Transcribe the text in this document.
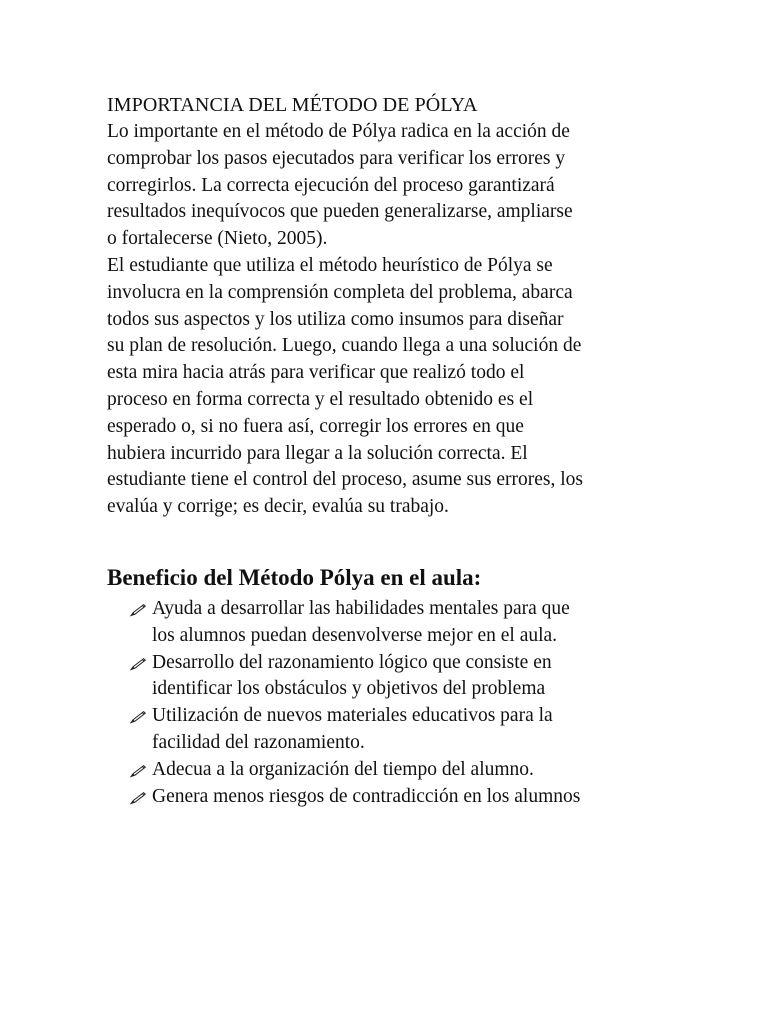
IMPORTANCIA DEL MÉTODO DE PÓLYA

Lo importante en el método de Pólya radica en la acción de
comprobar los pasos ejecutados para verificar los errores y
corregirlos. La correcta ejecución del proceso garantizará
resultados inequívocos que pueden generalizarse, ampliarse
o fortalecerse (Nieto, 2005).

El estudiante que utiliza el método heurístico de Pólya se
involucra en la comprensión completa del problema, abarca
todos sus aspectos y los utiliza como insumos para diseñar
su plan de resolución. Luego, cuando llega a una solución de
esta mira hacia atrás para verificar que realizó todo el
proceso en forma correcta y el resultado obtenido es el
esperado o, si no fuera así, corregir los errores en que
hubiera incurrido para llegar a la solución correcta. El
estudiante tiene el control del proceso, asume sus errores, los
evalúa y corrige; es decir, evalúa su trabajo.

Beneficio del Método Pólya en el aula:
Ayuda a desarrollar las habilidades mentales para que
los alumnos puedan desenvolverse mejor en el aula.
Desarrollo del razonamiento lógico que consiste en
identificar los obstáculos y objetivos del problema
Utilización de nuevos materiales educativos para la
facilidad del razonamiento.
Adecua a la organización del tiempo del alumno.
Genera menos riesgos de contradicción en los alumnos
